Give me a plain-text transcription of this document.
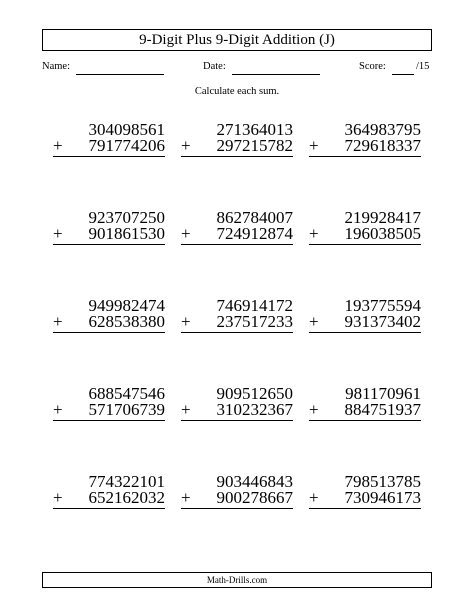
9-Digit Plus 9-Digit Addition (J)
Name:	Date:	Score:	/15
Calculate each sum.
304098561
+ 791774206
271364013
+ 297215782
364983795
+ 729618337
923707250
+ 901861530
862784007
+ 724912874
219928417
+ 196038505
949982474
+ 628538380
746914172
+ 237517233
193775594
+ 931373402
688547546
+ 571706739
909512650
+ 310232367
981170961
+ 884751937
774322101
+ 652162032
903446843
+ 900278667
798513785
+ 730946173
Math-Drills.com
